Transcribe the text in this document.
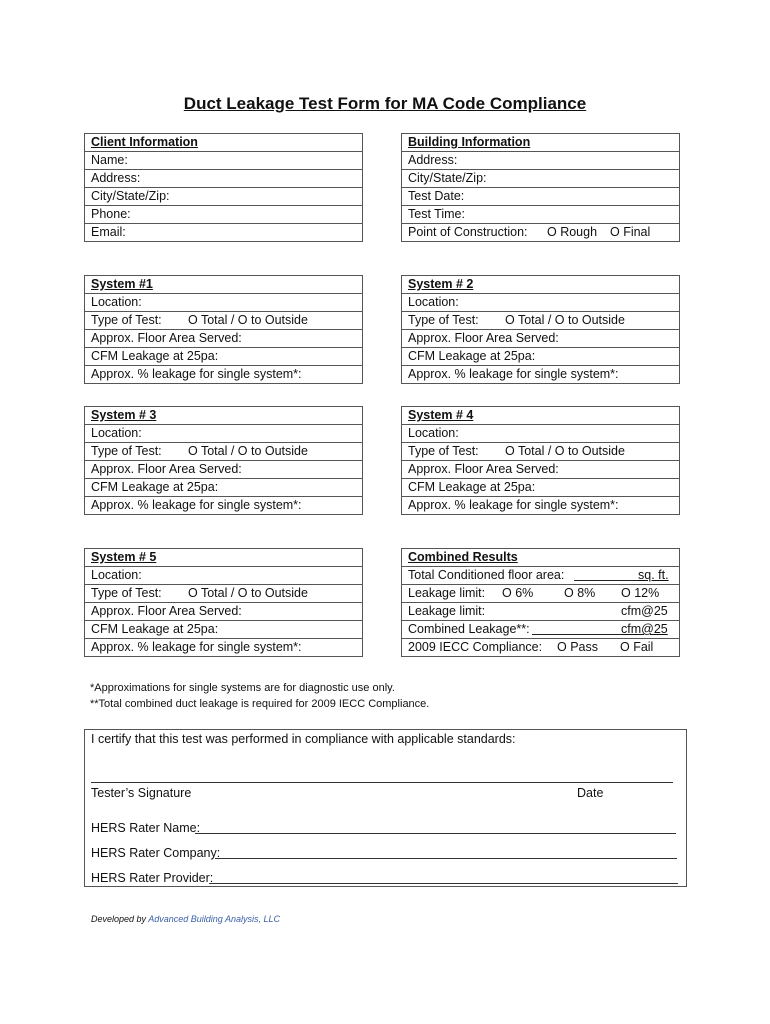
Duct Leakage Test Form for MA Code Compliance
Client Information
Name:
Address:
City/State/Zip:
Phone:
Email:
Building Information
Address:
City/State/Zip:
Test Date:
Test Time:
Point of Construction: O Rough O Final
System #1
Location:
Type of Test: O Total / O to Outside
Approx. Floor Area Served:
CFM Leakage at 25pa:
Approx. % leakage for single system*:
System # 2
Location:
Type of Test: O Total / O to Outside
Approx. Floor Area Served:
CFM Leakage at 25pa:
Approx. % leakage for single system*:
System # 3
Location:
Type of Test: O Total / O to Outside
Approx. Floor Area Served:
CFM Leakage at 25pa:
Approx. % leakage for single system*:
System # 4
Location:
Type of Test: O Total / O to Outside
Approx. Floor Area Served:
CFM Leakage at 25pa:
Approx. % leakage for single system*:
System # 5
Location:
Type of Test: O Total / O to Outside
Approx. Floor Area Served:
CFM Leakage at 25pa:
Approx. % leakage for single system*:
Combined Results
Total Conditioned floor area:	sq. ft.
Leakage limit: O 6% O 8% O 12%
Leakage limit:	cfm@25
Combined Leakage**:	cfm@25
2009 IECC Compliance: O Pass O Fail
*Approximations for single systems are for diagnostic use only.
**Total combined duct leakage is required for 2009 IECC Compliance.
I certify that this test was performed in compliance with applicable standards:
Tester’s Signature	Date
HERS Rater Name:
HERS Rater Company:
HERS Rater Provider:
Developed by Advanced Building Analysis, LLC
